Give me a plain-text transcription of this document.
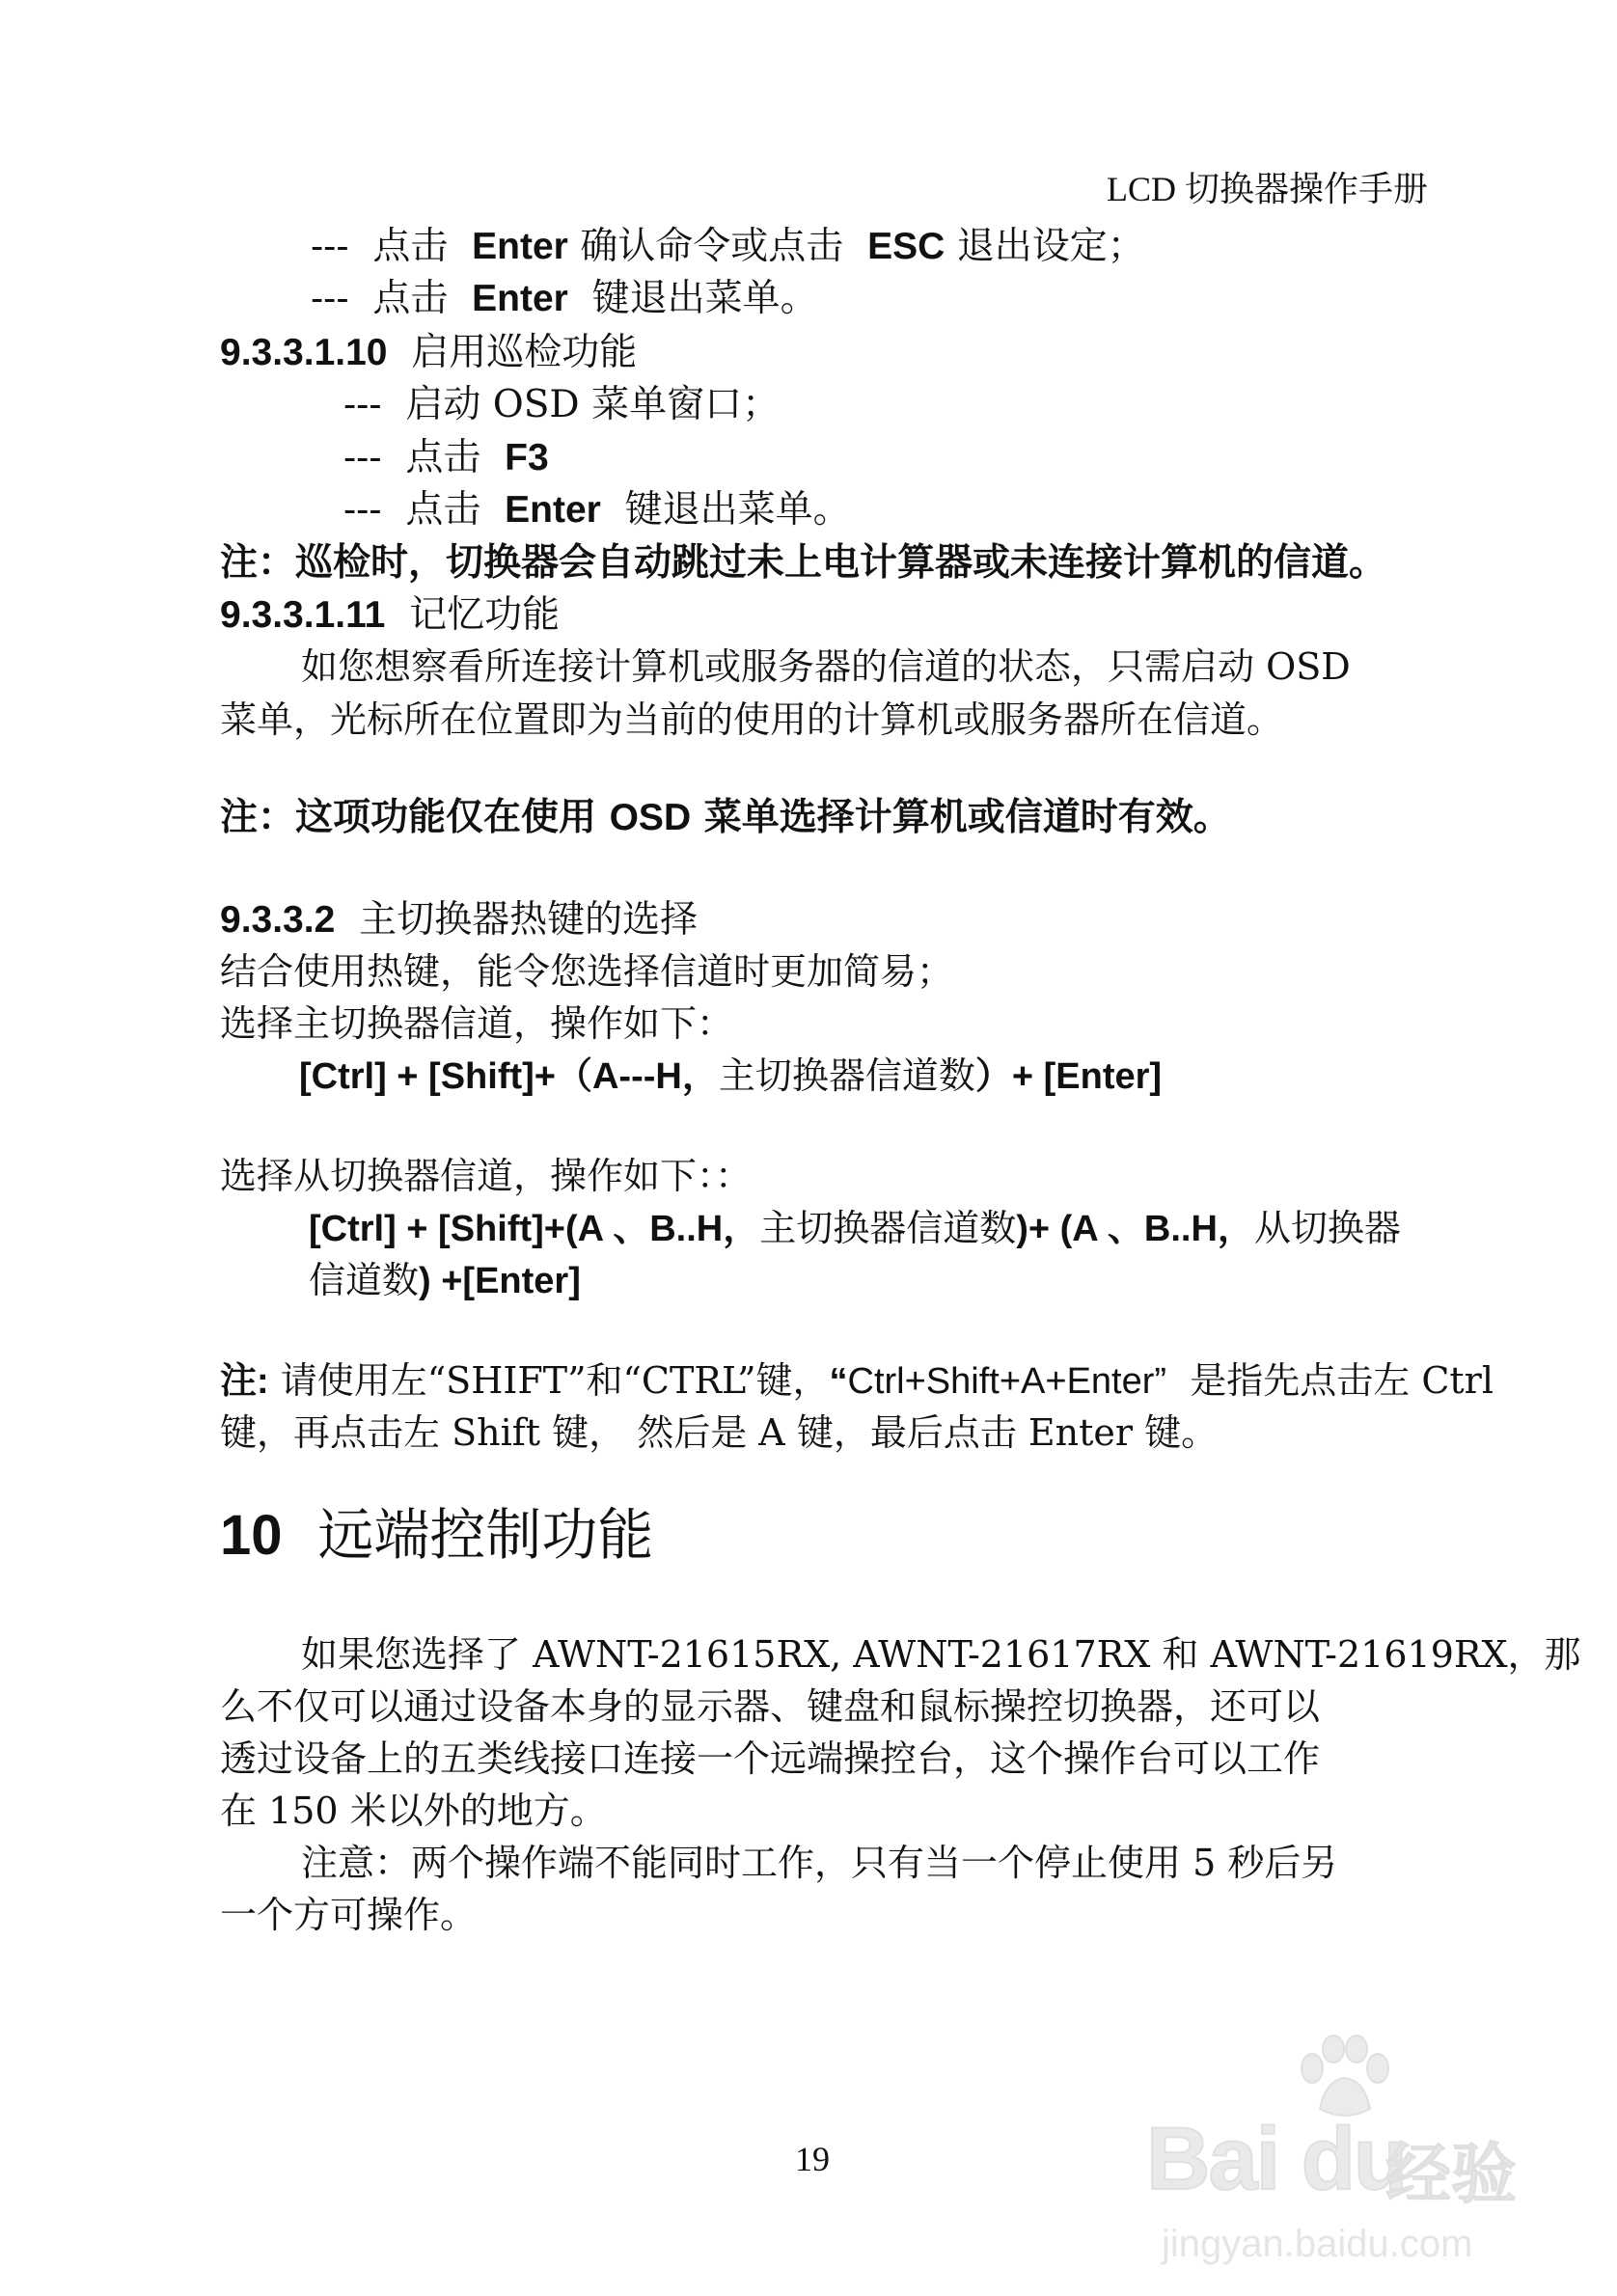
LCD 切换器操作手册
--- 点击 Enter 确认命令或点击 ESC 退出设定；
--- 点击 Enter 键退出菜单。
9.3.3.1.10 启用巡检功能
--- 启动 OSD 菜单窗口；
--- 点击 F3
--- 点击 Enter 键退出菜单。
注：巡检时，切换器会自动跳过未上电计算器或未连接计算机的信道。
9.3.3.1.11 记忆功能
如您想察看所连接计算机或服务器的信道的状态，只需启动 OSD
菜单，光标所在位置即为当前的使用的计算机或服务器所在信道。
注：这项功能仅在使用 OSD 菜单选择计算机或信道时有效。
9.3.3.2 主切换器热键的选择
结合使用热键，能令您选择信道时更加简易；
选择主切换器信道，操作如下：
[Ctrl] + [Shift]+（A---H，主切换器信道数）+ [Enter]
选择从切换器信道，操作如下：：
[Ctrl] + [Shift]+(A 、B..H，主切换器信道数)+ (A 、B..H，从切换器
信道数) +[Enter]
注: 请使用左“SHIFT”和“CTRL”键，“Ctrl+Shift+A+Enter” 是指先点击左 Ctrl
键，再点击左 Shift 键， 然后是 A 键，最后点击 Enter 键。
10 远端控制功能
如果您选择了 AWNT-21615RX, AWNT-21617RX 和 AWNT-21619RX，那
么不仅可以通过设备本身的显示器、键盘和鼠标操控切换器，还可以
透过设备上的五类线接口连接一个远端操控台，这个操作台可以工作
在 150 米以外的地方。
注意：两个操作端不能同时工作，只有当一个停止使用 5 秒后另
一个方可操作。
19	Bai du
经验
jingyan.baidu.com
